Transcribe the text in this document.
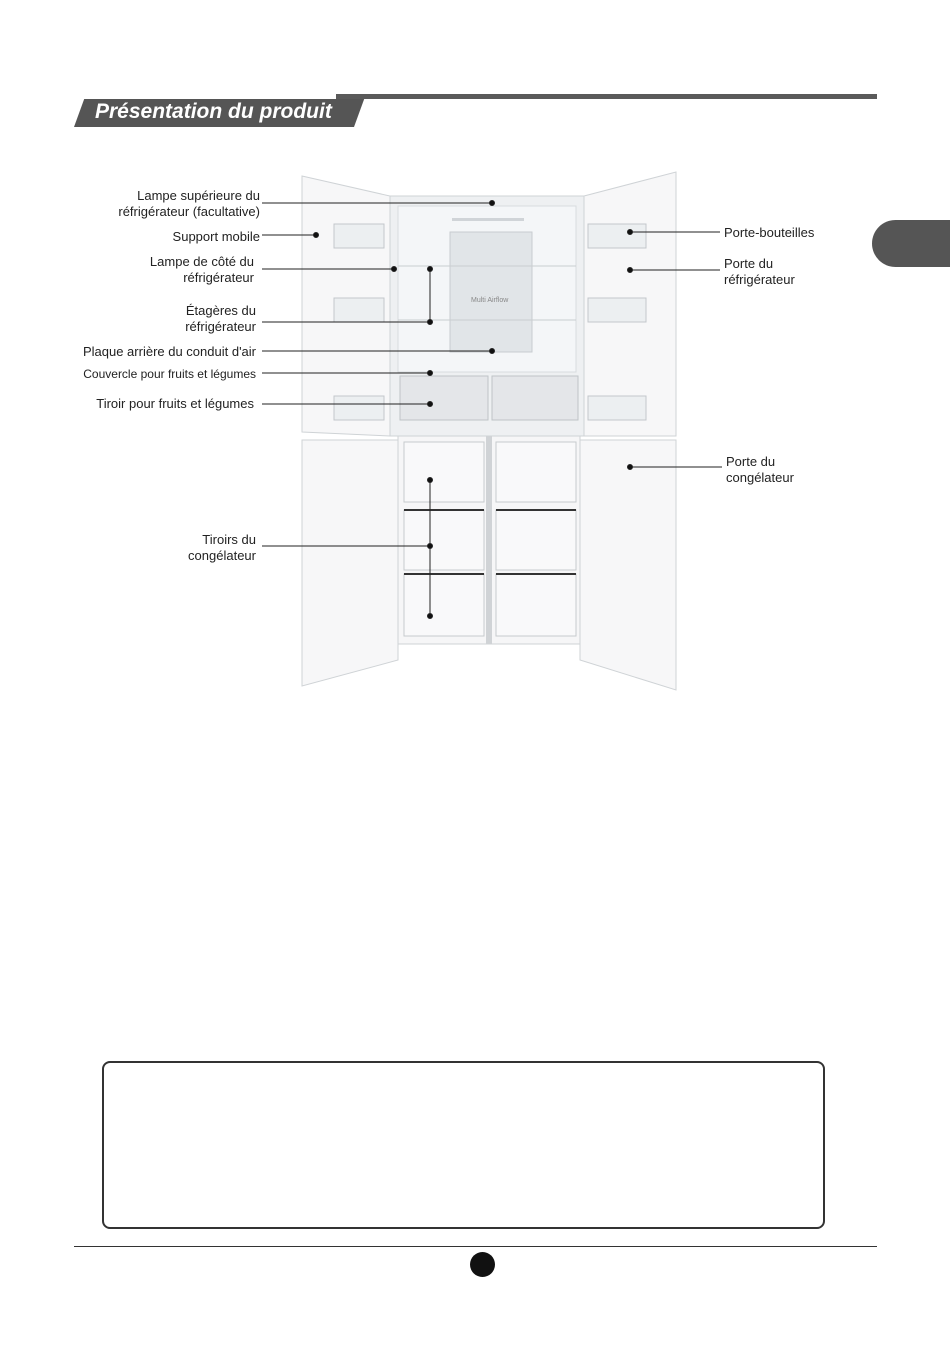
Présentation du produit
Multi Airflow
Lampe supérieure du
réfrigérateur (facultative)
Support mobile
Lampe de côté du
réfrigérateur
Étagères du
réfrigérateur
Plaque arrière du conduit d'air
Couvercle pour fruits et légumes
Tiroir pour fruits et légumes
Tiroirs du
congélateur
Porte-bouteilles
Porte du
réfrigérateur
Porte du
congélateur
